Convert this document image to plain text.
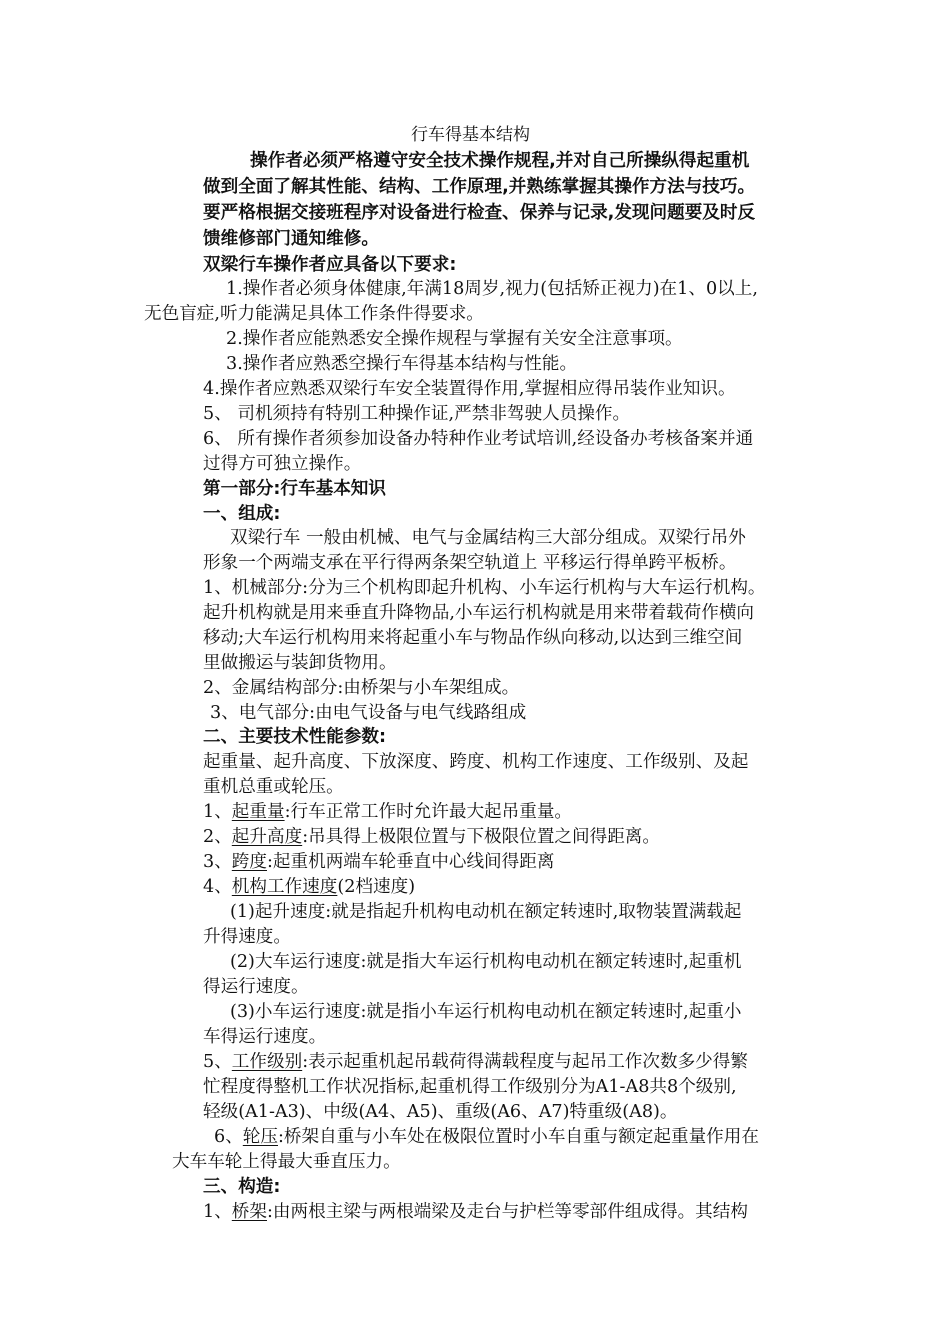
行车得基本结构
操作者必须严格遵守安全技术操作规程,并对自己所操纵得起重机
做到全面了解其性能、结构、工作原理,并熟练掌握其操作方法与技巧。
要严格根据交接班程序对设备进行检查、保养与记录,发现问题要及时反
馈维修部门通知维修。
双梁行车操作者应具备以下要求:
1.操作者必须身体健康,年满18周岁,视力(包括矫正视力)在1、0以上,
无色盲症,听力能满足具体工作条件得要求。
2.操作者应能熟悉安全操作规程与掌握有关安全注意事项。
3.操作者应熟悉空操行车得基本结构与性能。
4.操作者应熟悉双梁行车安全装置得作用,掌握相应得吊装作业知识。
5、 司机须持有特别工种操作证,严禁非驾驶人员操作。
6、 所有操作者须参加设备办特种作业考试培训,经设备办考核备案并通
过得方可独立操作。
第一部分:行车基本知识
一、组成:
双梁行车 一般由机械、电气与金属结构三大部分组成。双梁行吊外
形象一个两端支承在平行得两条架空轨道上 平移运行得单跨平板桥。
1、机械部分:分为三个机构即起升机构、小车运行机构与大车运行机构。
起升机构就是用来垂直升降物品,小车运行机构就是用来带着载荷作横向
移动;大车运行机构用来将起重小车与物品作纵向移动,以达到三维空间
里做搬运与装卸货物用。
2、金属结构部分:由桥架与小车架组成。
3、电气部分:由电气设备与电气线路组成
二、主要技术性能参数:
起重量、起升高度、下放深度、跨度、机构工作速度、工作级别、及起
重机总重或轮压。
1、起重量:行车正常工作时允许最大起吊重量。
2、起升高度:吊具得上极限位置与下极限位置之间得距离。
3、跨度:起重机两端车轮垂直中心线间得距离
4、机构工作速度(2档速度)
(1)起升速度:就是指起升机构电动机在额定转速时,取物装置满载起
升得速度。
(2)大车运行速度:就是指大车运行机构电动机在额定转速时,起重机
得运行速度。
(3)小车运行速度:就是指小车运行机构电动机在额定转速时,起重小
车得运行速度。
5、工作级别:表示起重机起吊载荷得满载程度与起吊工作次数多少得繁
忙程度得整机工作状况指标,起重机得工作级别分为A1-A8共8个级别,
轻级(A1-A3)、中级(A4、A5)、重级(A6、A7)特重级(A8)。
6、轮压:桥架自重与小车处在极限位置时小车自重与额定起重量作用在
大车车轮上得最大垂直压力。
三、构造:
1、桥架:由两根主梁与两根端梁及走台与护栏等零部件组成得。其结构
